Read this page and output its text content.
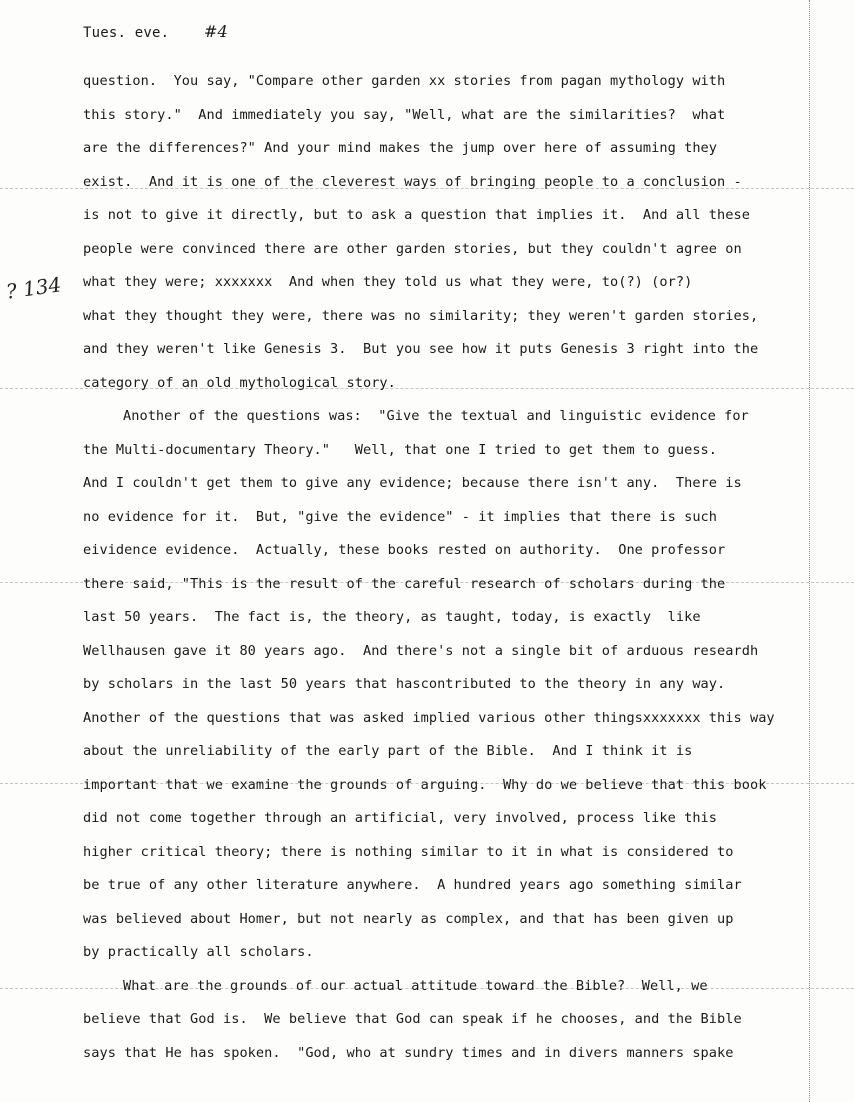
Tues. eve. #4
? 134
question.  You say, "Compare other garden xx stories from pagan mythology with
this story."  And immediately you say, "Well, what are the similarities?  what
are the differences?" And your mind makes the jump over here of assuming they
exist.  And it is one of the cleverest ways of bringing people to a conclusion -
is not to give it directly, but to ask a question that implies it.  And all these
people were convinced there are other garden stories, but they couldn't agree on
what they were; xxxxxxx  And when they told us what they were, to(?) (or?)
what they thought they were, there was no similarity; they weren't garden stories,
and they weren't like Genesis 3.  But you see how it puts Genesis 3 right into the
category of an old mythological story.
Another of the questions was:  "Give the textual and linguistic evidence for
the Multi-documentary Theory."   Well, that one I tried to get them to guess.
And I couldn't get them to give any evidence; because there isn't any.  There is
no evidence for it.  But, "give the evidence" - it implies that there is such
eividence evidence.  Actually, these books rested on authority.  One professor
there said, "This is the result of the careful research of scholars during the
last 50 years.  The fact is, the theory, as taught, today, is exactly  like
Wellhausen gave it 80 years ago.  And there's not a single bit of arduous researdh
by scholars in the last 50 years that hascontributed to the theory in any way.
Another of the questions that was asked implied various other thingsxxxxxxx this way
about the unreliability of the early part of the Bible.  And I think it is
important that we examine the grounds of arguing.  Why do we believe that this book
did not come together through an artificial, very involved, process like this
higher critical theory; there is nothing similar to it in what is considered to
be true of any other literature anywhere.  A hundred years ago something similar
was believed about Homer, but not nearly as complex, and that has been given up
by practically all scholars.
What are the grounds of our actual attitude toward the Bible?  Well, we
believe that God is.  We believe that God can speak if he chooses, and the Bible
says that He has spoken.  "God, who at sundry times and in divers manners spake
